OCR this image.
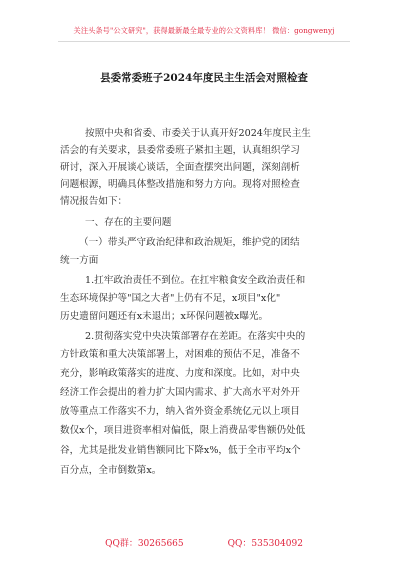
关注头条号"公文研究"，获得最新最全最专业的公文资料库！ 微信：gongwenyj
县委常委班子2024年度民主生活会对照检查
按照中央和省委、市委关于认真开好2024年度民主生
活会的有关要求，县委常委班子紧扣主题，认真组织学习
研讨，深入开展谈心谈话，全面查摆突出问题，深刻剖析
问题根源，明确具体整改措施和努力方向。现将对照检查
情况报告如下：
一、存在的主要问题
（一）带头严守政治纪律和政治规矩，维护党的团结
统一方面
1.扛牢政治责任不到位。在扛牢粮食安全政治责任和
生态环境保护等"国之大者"上仍有不足，x项目"x化"
历史遗留问题还有x未退出；x环保问题被x曝光。
2.贯彻落实党中央决策部署存在差距。在落实中央的
方针政策和重大决策部署上，对困难的预估不足，准备不
充分，影响政策落实的进度、力度和深度。比如，对中央
经济工作会提出的着力扩大国内需求、扩大高水平对外开
放等重点工作落实不力，纳入省外资金系统亿元以上项目
数仅x个，项目进资率相对偏低，限上消费品零售额仍处低
谷，尤其是批发业销售额同比下降x%，低于全市平均x个
百分点，全市倒数第x。
QQ群：30265665	QQ：535304092
